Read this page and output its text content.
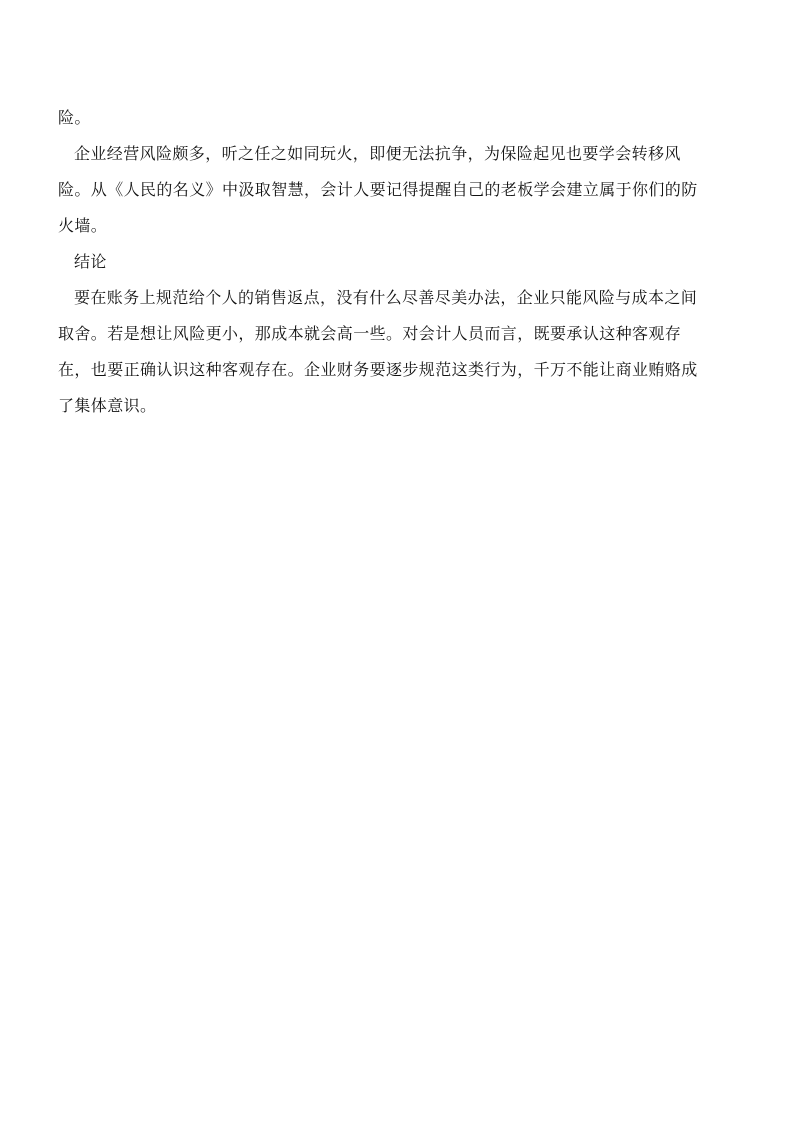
险。
企业经营风险颇多，听之任之如同玩火，即便无法抗争，为保险起见也要学会转移风
险。从《人民的名义》中汲取智慧，会计人要记得提醒自己的老板学会建立属于你们的防
火墙。
结论
要在账务上规范给个人的销售返点，没有什么尽善尽美办法，企业只能风险与成本之间
取舍。若是想让风险更小，那成本就会高一些。对会计人员而言，既要承认这种客观存
在，也要正确认识这种客观存在。企业财务要逐步规范这类行为，千万不能让商业贿赂成
了集体意识。
